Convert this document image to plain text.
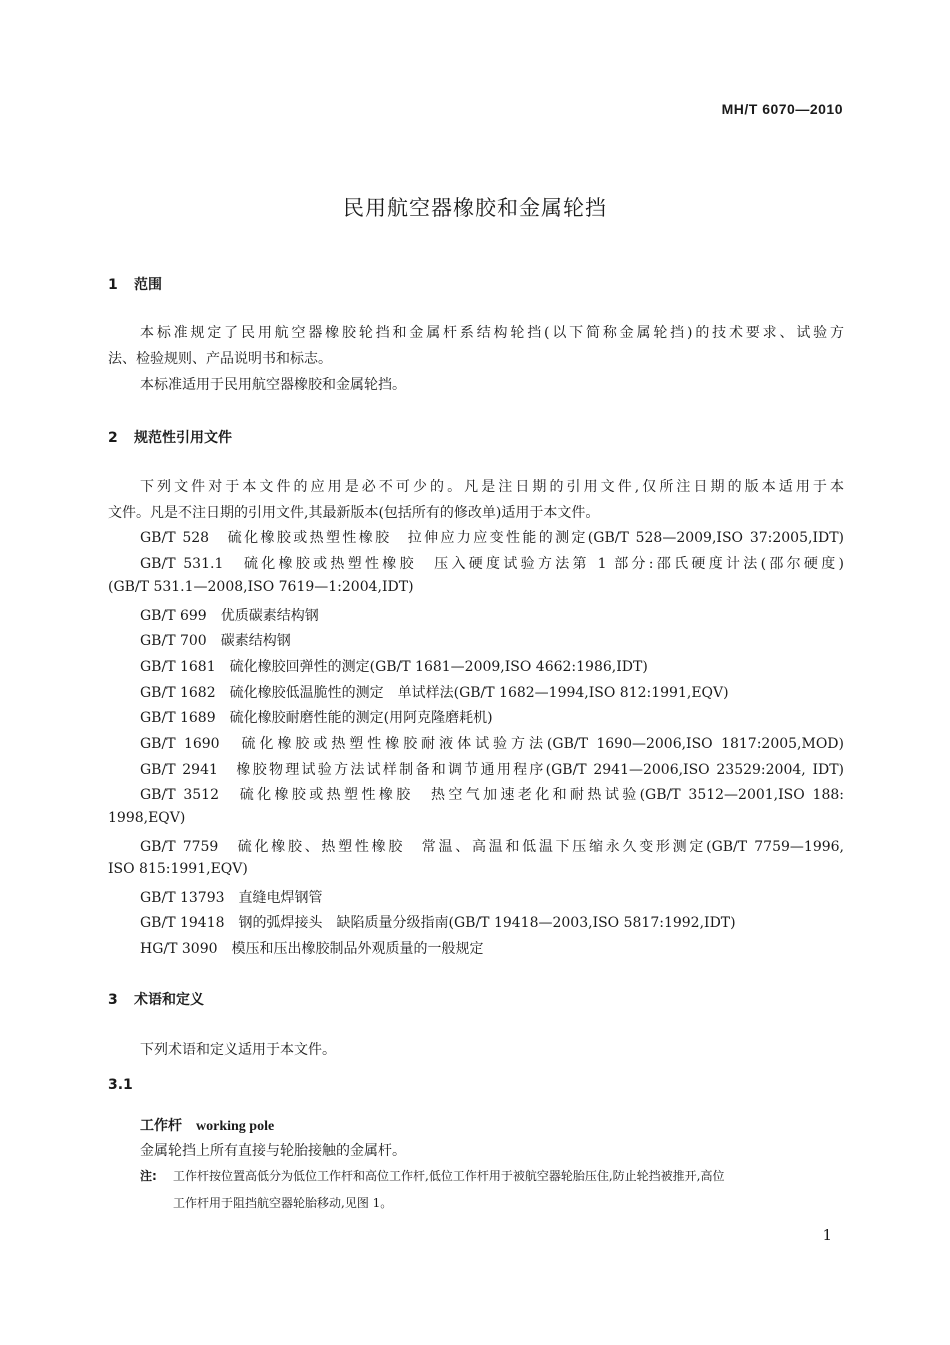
MH/T 6070—2010
民用航空器橡胶和金属轮挡
1 范围
本标准规定了民用航空器橡胶轮挡和金属杆系结构轮挡(以下简称金属轮挡)的技术要求、试验方
法、检验规则、产品说明书和标志。
本标准适用于民用航空器橡胶和金属轮挡。
2 规范性引用文件
下列文件对于本文件的应用是必不可少的。凡是注日期的引用文件,仅所注日期的版本适用于本
文件。凡是不注日期的引用文件,其最新版本(包括所有的修改单)适用于本文件。
GB/T 528　硫化橡胶或热塑性橡胶　拉伸应力应变性能的测定(GB/T 528—2009,ISO 37:2005,IDT)
GB/T 531.1　硫化橡胶或热塑性橡胶　压入硬度试验方法第 1 部分:邵氏硬度计法(邵尔硬度)
(GB/T 531.1—2008,ISO 7619—1:2004,IDT)
GB/T 699　优质碳素结构钢
GB/T 700　碳素结构钢
GB/T 1681　硫化橡胶回弹性的测定(GB/T 1681—2009,ISO 4662:1986,IDT)
GB/T 1682　硫化橡胶低温脆性的测定　单试样法(GB/T 1682—1994,ISO 812:1991,EQV)
GB/T 1689　硫化橡胶耐磨性能的测定(用阿克隆磨耗机)
GB/T 1690　硫化橡胶或热塑性橡胶耐液体试验方法(GB/T 1690—2006,ISO 1817:2005,MOD)
GB/T 2941　橡胶物理试验方法试样制备和调节通用程序(GB/T 2941—2006,ISO 23529:2004, IDT)
GB/T 3512　硫化橡胶或热塑性橡胶　热空气加速老化和耐热试验(GB/T 3512—2001,ISO 188:
1998,EQV)
GB/T 7759　硫化橡胶、热塑性橡胶　常温、高温和低温下压缩永久变形测定(GB/T 7759—1996,
ISO 815:1991,EQV)
GB/T 13793　直缝电焊钢管
GB/T 19418　钢的弧焊接头　缺陷质量分级指南(GB/T 19418—2003,ISO 5817:1992,IDT)
HG/T 3090　模压和压出橡胶制品外观质量的一般规定
3 术语和定义
下列术语和定义适用于本文件。
3.1
工作杆 working pole
金属轮挡上所有直接与轮胎接触的金属杆。
注: 工作杆按位置高低分为低位工作杆和高位工作杆,低位工作杆用于被航空器轮胎压住,防止轮挡被推开,高位
工作杆用于阻挡航空器轮胎移动,见图 1。
1
